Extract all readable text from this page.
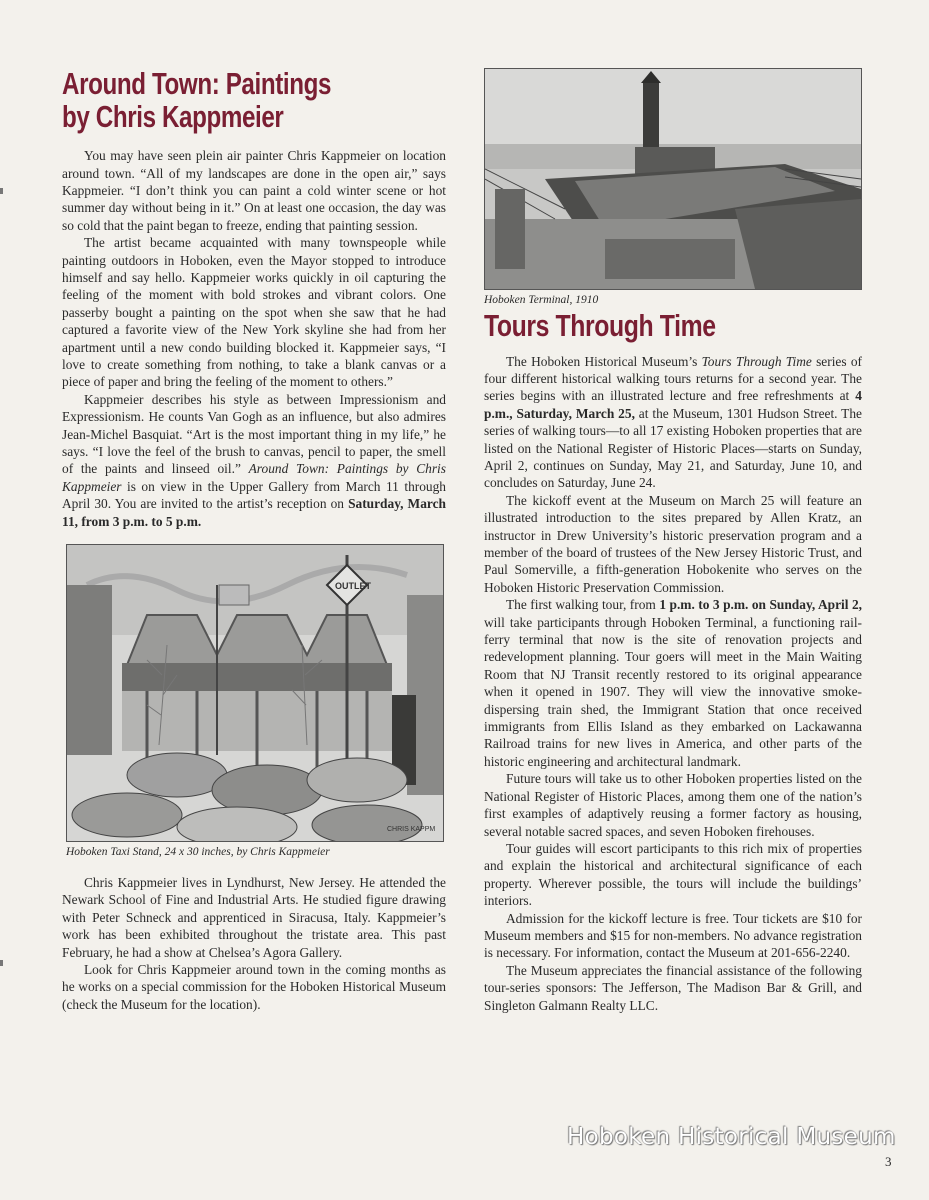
Around Town: Paintings
by Chris Kappmeier

You may have seen plein air painter Chris Kappmeier on location around town. “All of my landscapes are done in the open air,” says Kappmeier. “I don’t think you can paint a cold winter scene or hot summer day without being in it.” On at least one occasion, the day was so cold that the paint began to freeze, ending that painting session.

The artist became acquainted with many townspeople while painting outdoors in Hoboken, even the Mayor stopped to introduce himself and say hello. Kappmeier works quickly in oil capturing the feeling of the moment with bold strokes and vibrant colors. One passerby bought a painting on the spot when she saw that he had captured a favorite view of the New York skyline she had from her apartment until a new condo building blocked it. Kappmeier says, “I love to create something from nothing, to take a blank canvas or a piece of paper and bring the feeling of the moment to others.”

Kappmeier describes his style as between Impressionism and Expressionism. He counts Van Gogh as an influence, but also admires Jean-Michel Basquiat. “Art is the most important thing in my life,” he says. “I love the feel of the brush to canvas, pencil to paper, the smell of the paints and linseed oil.” Around Town: Paintings by Chris Kappmeier is on view in the Upper Gallery from March 11 through April 30. You are invited to the artist’s reception on Saturday, March 11, from 3 p.m. to 5 p.m.

OUTLET
CHRIS KAPPM

Hoboken Taxi Stand, 24 x 30 inches, by Chris Kappmeier

Chris Kappmeier lives in Lyndhurst, New Jersey. He attended the Newark School of Fine and Industrial Arts. He studied figure drawing with Peter Schneck and apprenticed in Siracusa, Italy. Kappmeier’s work has been exhibited throughout the tristate area. This past February, he had a show at Chelsea’s Agora Gallery.

Look for Chris Kappmeier around town in the coming months as he works on a special commission for the Hoboken Historical Museum (check the Museum for the location).

Hoboken Terminal, 1910

Tours Through Time

The Hoboken Historical Museum’s Tours Through Time series of four different historical walking tours returns for a second year. The series begins with an illustrated lecture and free refreshments at 4 p.m., Saturday, March 25, at the Museum, 1301 Hudson Street. The series of walking tours—to all 17 existing Hoboken properties that are listed on the National Register of Historic Places—starts on Sunday, April 2, continues on Sunday, May 21, and Saturday, June 10, and concludes on Saturday, June 24.

The kickoff event at the Museum on March 25 will feature an illustrated introduction to the sites prepared by Allen Kratz, an instructor in Drew University’s historic preservation program and a member of the board of trustees of the New Jersey Historic Trust, and Paul Somerville, a fifth-generation Hobokenite who serves on the Hoboken Historic Preservation Commission.

The first walking tour, from 1 p.m. to 3 p.m. on Sunday, April 2, will take participants through Hoboken Terminal, a functioning rail-ferry terminal that now is the site of renovation projects and redevelopment planning. Tour goers will meet in the Main Waiting Room that NJ Transit recently restored to its original appearance when it opened in 1907. They will view the innovative smoke-dispersing train shed, the Immigrant Station that once received immigrants from Ellis Island as they embarked on Lackawanna Railroad trains for new lives in America, and other parts of the historic engineering and architectural landmark.

Future tours will take us to other Hoboken properties listed on the National Register of Historic Places, among them one of the nation’s first examples of adaptively reusing a former factory as housing, several notable sacred spaces, and seven Hoboken firehouses.

Tour guides will escort participants to this rich mix of properties and explain the historical and architectural significance of each property. Wherever possible, the tours will include the buildings’ interiors.

Admission for the kickoff lecture is free. Tour tickets are $10 for Museum members and $15 for non-members. No advance registration is necessary. For information, contact the Museum at 201-656-2240.

The Museum appreciates the financial assistance of the following tour-series sponsors: The Jefferson, The Madison Bar & Grill, and Singleton Galmann Realty LLC.

Hoboken Historical Museum
3
